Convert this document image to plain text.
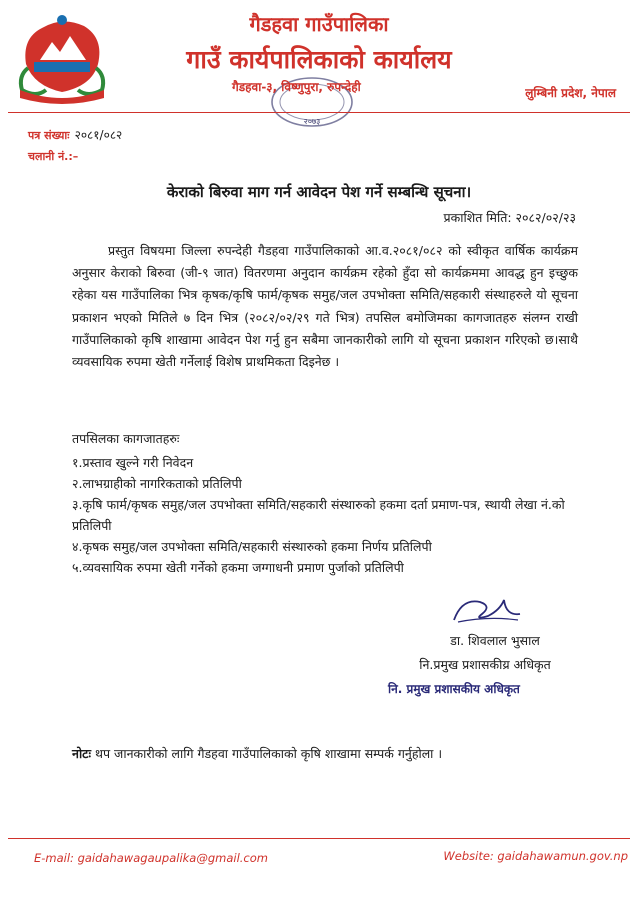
गैडहवा गाउँपालिका
गाउँ कार्यपालिकाको कार्यालय
२०७३
गैडहवा-३, विष्णुपुरा, रुपन्देही	लुम्बिनी प्रदेश, नेपाल
पत्र संख्याः २०८१/०८२
चलानी नं.:–
केराको बिरुवा माग गर्न आवेदन पेश गर्ने सम्बन्धि सूचना।
प्रकाशित मिति: २०८२/०२/२३
प्रस्तुत विषयमा जिल्ला रुपन्देही गैडहवा गाउँपालिकाको आ.व.२०८१/०८२ को स्वीकृत वार्षिक कार्यक्रम अनुसार केराको बिरुवा (जी-९ जात) वितरणमा अनुदान कार्यक्रम रहेको हुँदा सो कार्यक्रममा आवद्ध हुन इच्छुक रहेका यस गाउँपालिका भित्र कृषक/कृषि फार्म/कृषक समुह/जल उपभोक्ता समिति/सहकारी संस्थाहरुले यो सूचना प्रकाशन भएको मितिले ७ दिन भित्र (२०८२/०२/२९ गते भित्र) तपसिल बमोजिमका कागजातहरु संलग्न राखी गाउँपालिकाको कृषि शाखामा आवेदन पेश गर्नु हुन सबैमा जानकारीको लागि यो सूचना प्रकाशन गरिएको छ।साथै व्यवसायिक रुपमा खेती गर्नेलाई विशेष प्राथमिकता दिइनेछ ।
तपसिलका कागजातहरुः
१.प्रस्ताव खुल्ने गरी निवेदन
२.लाभग्राहीको नागरिकताको प्रतिलिपी
३.कृषि फार्म/कृषक समुह/जल उपभोक्ता समिति/सहकारी संस्थारुको हकमा दर्ता प्रमाण-पत्र, स्थायी लेखा नं.को प्रतिलिपी
४.कृषक समुह/जल उपभोक्ता समिति/सहकारी संस्थारुको हकमा निर्णय प्रतिलिपी
५.व्यवसायिक रुपमा खेती गर्नेको हकमा जग्गाधनी प्रमाण पुर्जाको प्रतिलिपी
डा. शिवलाल भुसाल
नि.प्रमुख प्रशासकीय्र अधिकृत
नि. प्रमुख प्रशासकीय अधिकृत
नोटः थप जानकारीको लागि गैडहवा गाउँपालिकाको कृषि शाखामा सम्पर्क गर्नुहोला ।
E-mail: gaidahawagaupalika@gmail.com	Website: gaidahawamun.gov.np
